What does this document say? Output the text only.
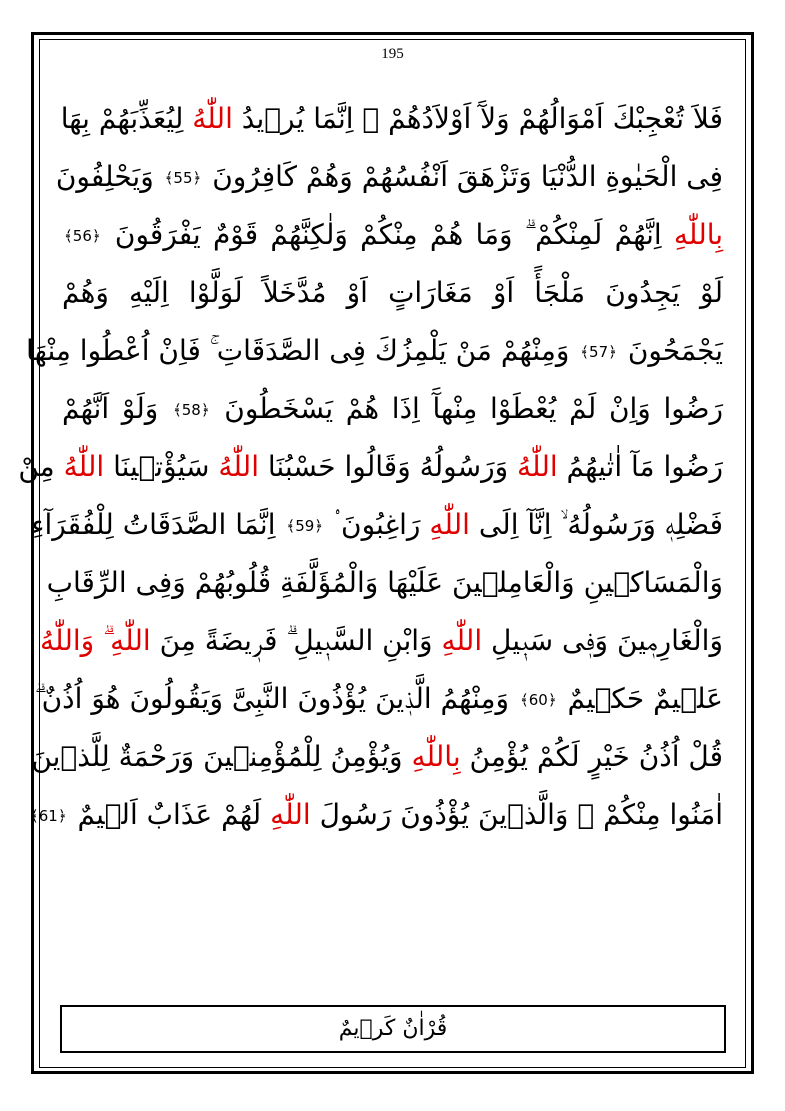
195
فَلاَ تُعْجِبْكَ اَمْوَالُهُمْ وَلآَ اَوْلاَدُهُمْ ۗ اِنَّمَا يُرٖيدُ اللّٰهُ لِيُعَذِّبَهُمْ بِهَا
فِى الْحَيٰوةِ الدُّنْيَا وَتَزْهَقَ اَنْفُسُهُمْ وَهُمْ كَافِرُونَ ﴿55﴾ وَيَحْلِفُونَ
بِاللّٰهِ اِنَّهُمْ لَمِنْكُمْ ۗ وَمَا هُمْ مِنْكُمْ وَلٰكِنَّهُمْ قَوْمٌ يَفْرَقُونَ ﴿56﴾
لَوْ يَجِدُونَ مَلْجَأً اَوْ مَغَارَاتٍ اَوْ مُدَّخَلاً لَوَلَّوْا اِلَيْهِ وَهُمْ
يَجْمَحُونَ ﴿57﴾ وَمِنْهُمْ مَنْ يَلْمِزُكَ فِى الصَّدَقَاتِ ۚ فَاِنْ اُعْطُوا مِنْهَا
رَضُوا وَاِنْ لَمْ يُعْطَوْا مِنْهآَ اِذَا هُمْ يَسْخَطُونَ ﴿58﴾ وَلَوْ اَنَّهُمْ
رَضُوا مَآ اٰتٰيهُمُ اللّٰهُ وَرَسُولُهُ وَقَالُوا حَسْبُنَا اللّٰهُ سَيُؤْتٖينَا اللّٰهُ مِنْ
فَضْلِهٖ وَرَسُولُهُ ۙ اِنَّآ اِلَى اللّٰهِ رَاغِبُونَ ۟ ﴿59﴾ اِنَّمَا الصَّدَقَاتُ لِلْفُقَرَآءِ
وَالْمَسَاكٖينِ وَالْعَامِلٖينَ عَلَيْهَا وَالْمُؤَلَّفَةِ قُلُوبُهُمْ وَفِى الرِّقَابِ
وَالْغَارِمٖينَ وَفٖى سَبٖيلِ اللّٰهِ وَابْنِ السَّبٖيلِ ۗ فَرٖيضَةً مِنَ اللّٰهِ ۗ وَاللّٰهُ
عَلٖيمٌ حَكٖيمٌ ﴿60﴾ وَمِنْهُمُ الَّذٖينَ يُؤْذُونَ النَّبِىَّ وَيَقُولُونَ هُوَ اُذُنٌ ۗ
قُلْ اُذُنُ خَيْرٍ لَكُمْ يُؤْمِنُ بِاللّٰهِ وَيُؤْمِنُ لِلْمُؤْمِنٖينَ وَرَحْمَةٌ لِلَّذٖينَ
اٰمَنُوا مِنْكُمْ ۗ وَالَّذٖينَ يُؤْذُونَ رَسُولَ اللّٰهِ لَهُمْ عَذَابٌ اَلٖيمٌ ﴿61﴾
قُرْاٰنٌ كَرٖيمٌ
